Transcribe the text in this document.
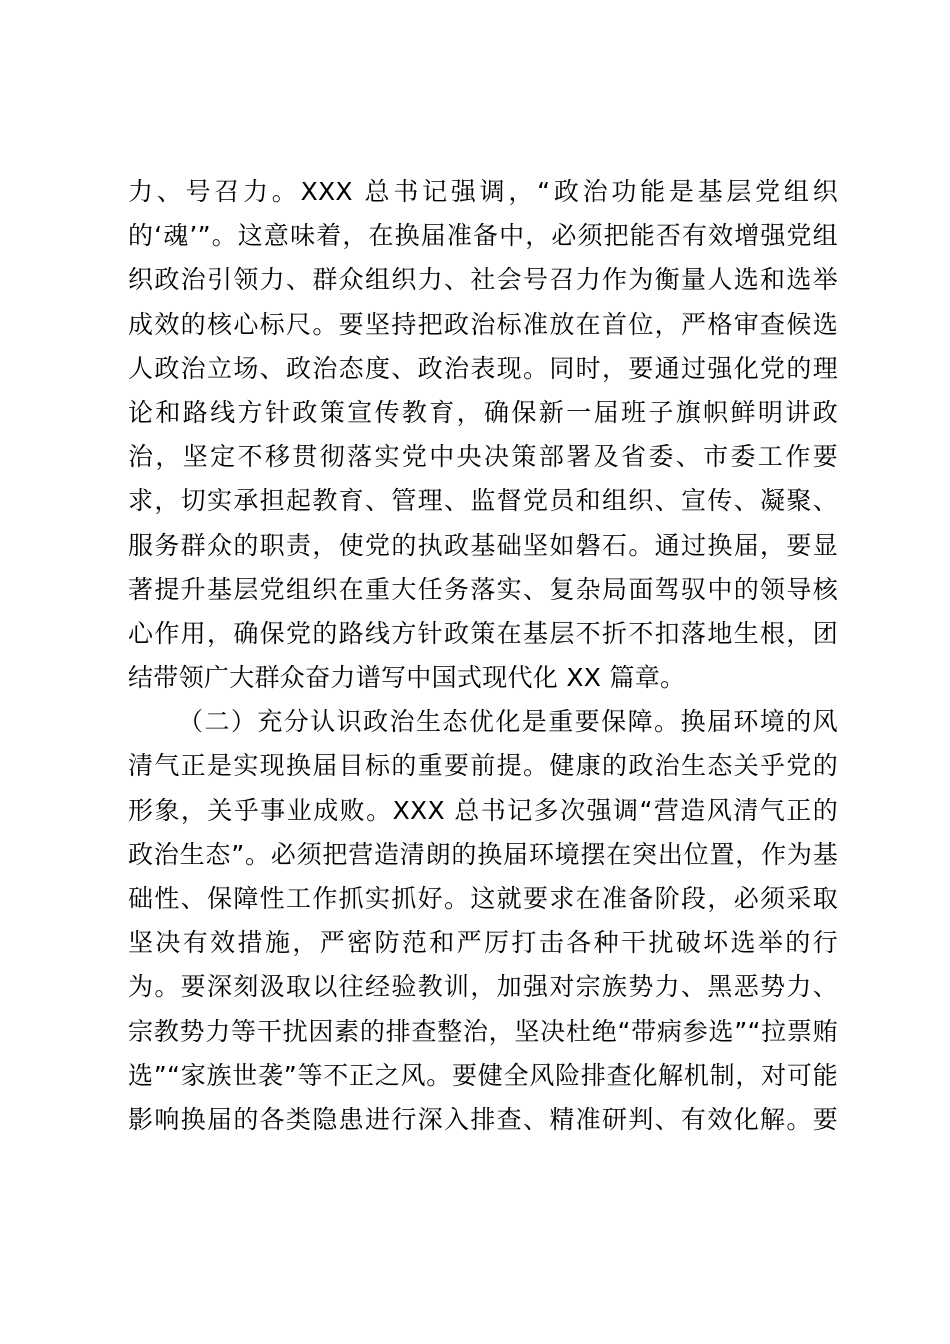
力、号召力。XXX 总书记强调，“政治功能是基层党组织
的‘魂’”。这意味着，在换届准备中，必须把能否有效增强党组
织政治引领力、群众组织力、社会号召力作为衡量人选和选举
成效的核心标尺。要坚持把政治标准放在首位，严格审查候选
人政治立场、政治态度、政治表现。同时，要通过强化党的理
论和路线方针政策宣传教育，确保新一届班子旗帜鲜明讲政
治，坚定不移贯彻落实党中央决策部署及省委、市委工作要
求，切实承担起教育、管理、监督党员和组织、宣传、凝聚、
服务群众的职责，使党的执政基础坚如磐石。通过换届，要显
著提升基层党组织在重大任务落实、复杂局面驾驭中的领导核
心作用，确保党的路线方针政策在基层不折不扣落地生根，团
结带领广大群众奋力谱写中国式现代化 XX 篇章。
（二）充分认识政治生态优化是重要保障。换届环境的风
清气正是实现换届目标的重要前提。健康的政治生态关乎党的
形象，关乎事业成败。XXX 总书记多次强调“营造风清气正的
政治生态”。必须把营造清朗的换届环境摆在突出位置，作为基
础性、保障性工作抓实抓好。这就要求在准备阶段，必须采取
坚决有效措施，严密防范和严厉打击各种干扰破坏选举的行
为。要深刻汲取以往经验教训，加强对宗族势力、黑恶势力、
宗教势力等干扰因素的排查整治，坚决杜绝“带病参选”“拉票贿
选”“家族世袭”等不正之风。要健全风险排查化解机制，对可能
影响换届的各类隐患进行深入排查、精准研判、有效化解。要
